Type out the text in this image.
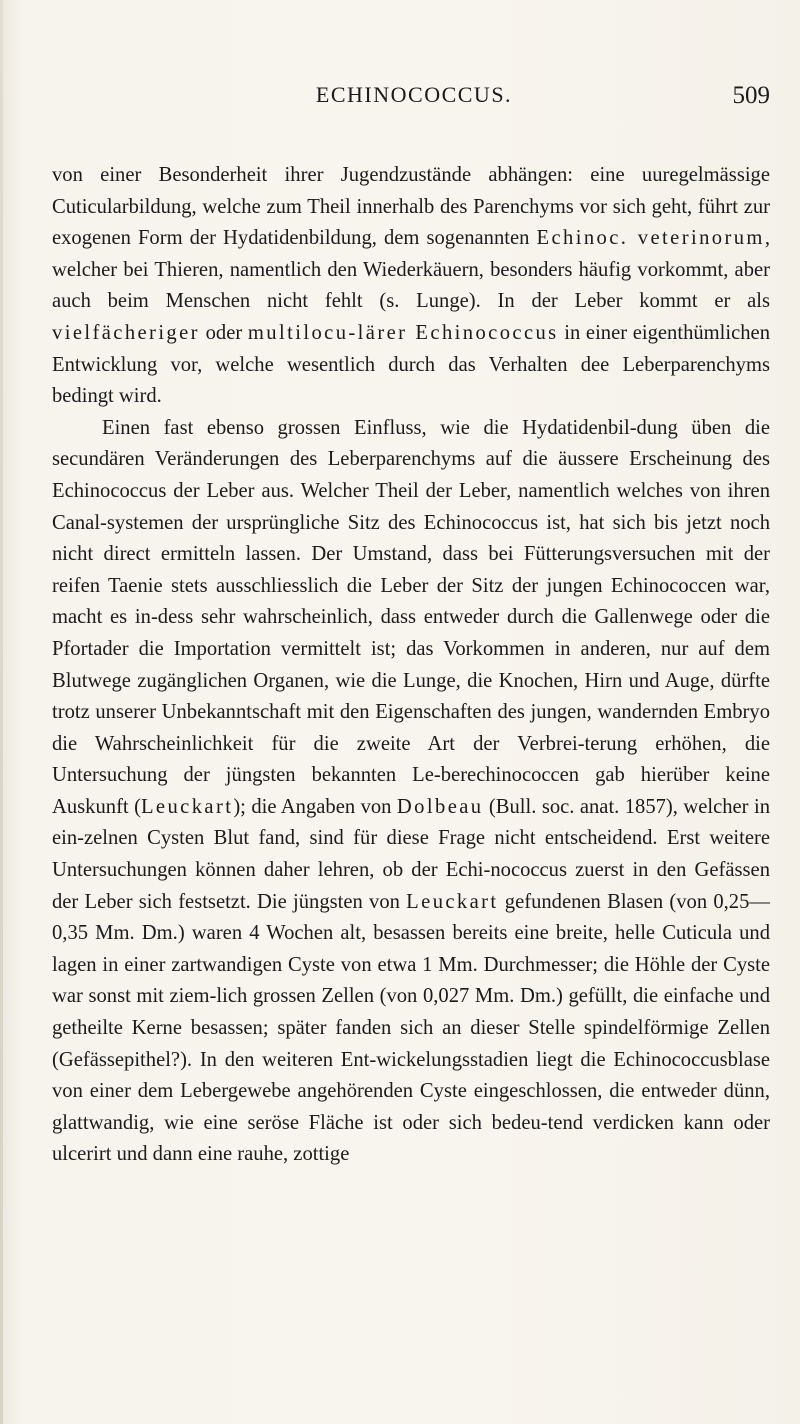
ECHINOCOCCUS.	509

von einer Besonderheit ihrer Jugendzustände abhängen: eine uuregelmässige Cuticularbildung, welche zum Theil innerhalb des Parenchyms vor sich geht, führt zur exogenen Form der Hydatidenbildung, dem sogenannten Echinoc. veterinorum, welcher bei Thieren, namentlich den Wiederkäuern, besonders häufig vorkommt, aber auch beim Menschen nicht fehlt (s. Lunge). In der Leber kommt er als vielfächeriger oder multilocu-lärer Echinococcus in einer eigenthümlichen Entwicklung vor, welche wesentlich durch das Verhalten dee Leberparenchyms bedingt wird.

Einen fast ebenso grossen Einfluss, wie die Hydatidenbil-dung üben die secundären Veränderungen des Leberparenchyms auf die äussere Erscheinung des Echinococcus der Leber aus. Welcher Theil der Leber, namentlich welches von ihren Canal-systemen der ursprüngliche Sitz des Echinococcus ist, hat sich bis jetzt noch nicht direct ermitteln lassen. Der Umstand, dass bei Fütterungsversuchen mit der reifen Taenie stets ausschliesslich die Leber der Sitz der jungen Echinococcen war, macht es in-dess sehr wahrscheinlich, dass entweder durch die Gallenwege oder die Pfortader die Importation vermittelt ist; das Vorkommen in anderen, nur auf dem Blutwege zugänglichen Organen, wie die Lunge, die Knochen, Hirn und Auge, dürfte trotz unserer Unbekanntschaft mit den Eigenschaften des jungen, wandernden Embryo die Wahrscheinlichkeit für die zweite Art der Verbrei-terung erhöhen, die Untersuchung der jüngsten bekannten Le-berechinococcen gab hierüber keine Auskunft (Leuckart); die Angaben von Dolbeau (Bull. soc. anat. 1857), welcher in ein-zelnen Cysten Blut fand, sind für diese Frage nicht entscheidend. Erst weitere Untersuchungen können daher lehren, ob der Echi-nococcus zuerst in den Gefässen der Leber sich festsetzt. Die jüngsten von Leuckart gefundenen Blasen (von 0,25—0,35 Mm. Dm.) waren 4 Wochen alt, besassen bereits eine breite, helle Cuticula und lagen in einer zartwandigen Cyste von etwa 1 Mm. Durchmesser; die Höhle der Cyste war sonst mit ziem-lich grossen Zellen (von 0,027 Mm. Dm.) gefüllt, die einfache und getheilte Kerne besassen; später fanden sich an dieser Stelle spindelförmige Zellen (Gefässepithel?). In den weiteren Ent-wickelungsstadien liegt die Echinococcusblase von einer dem Lebergewebe angehörenden Cyste eingeschlossen, die entweder dünn, glattwandig, wie eine seröse Fläche ist oder sich bedeu-tend verdicken kann oder ulcerirt und dann eine rauhe, zottige
